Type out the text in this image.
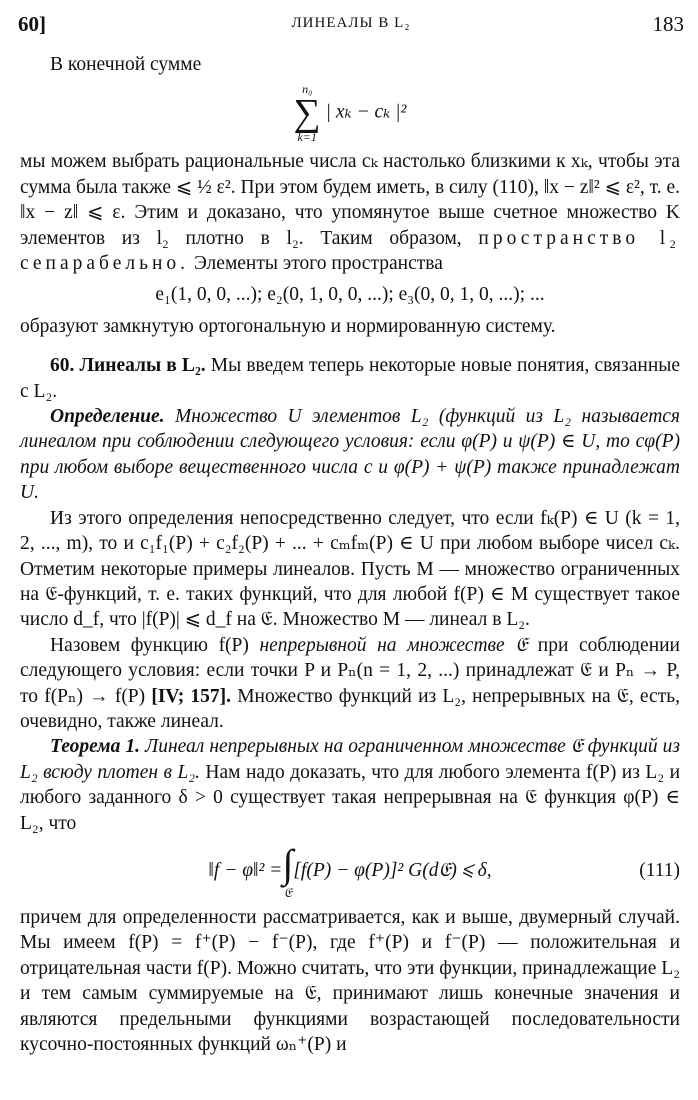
60]	ЛИНЕАЛЫ В L₂	183

В конечной сумме

n₀
∑
k=1
| xₖ − cₖ |²

мы можем выбрать рациональные числа cₖ настолько близкими к xₖ, чтобы эта сумма была также ⩽ ½ ε². При этом будем иметь, в силу (110), ‖x − z‖² ⩽ ε², т. е. ‖x − z‖ ⩽ ε. Этим и доказано, что упомянутое выше счетное множество K элементов из l₂ плотно в l₂. Таким образом, пространство l₂ сепарабельно. Элементы этого пространства

e₁(1, 0, 0, ...); e₂(0, 1, 0, 0, ...); e₃(0, 0, 1, 0, ...); ...

образуют замкнутую ортогональную и нормированную систему.

60. Линеалы в L₂. Мы введем теперь некоторые новые понятия, связанные с L₂.

Определение. Множество U элементов L₂ (функций из L₂ называется линеалом при соблюдении следующего условия: если φ(P) и ψ(P) ∈ U, то cφ(P) при любом выборе вещественного числа c и φ(P) + ψ(P) также принадлежат U.

Из этого определения непосредственно следует, что если fₖ(P) ∈ U (k = 1, 2, ..., m), то и c₁f₁(P) + c₂f₂(P) + ... + cₘfₘ(P) ∈ U при любом выборе чисел cₖ. Отметим некоторые примеры линеалов. Пусть M — множество ограниченных на 𝔈-функций, т. е. таких функций, что для любой f(P) ∈ M существует такое число d_f, что |f(P)| ⩽ d_f на 𝔈. Множество M — линеал в L₂.

Назовем функцию f(P) непрерывной на множестве 𝔈 при соблюдении следующего условия: если точки P и Pₙ(n = 1, 2, ...) принадлежат 𝔈 и Pₙ → P, то f(Pₙ) → f(P) [IV; 157]. Множество функций из L₂, непрерывных на 𝔈, есть, очевидно, также линеал.

Теорема 1. Линеал непрерывных на ограниченном множестве 𝔈 функций из L₂ всюду плотен в L₂. Нам надо доказать, что для любого элемента f(P) из L₂ и любого заданного δ > 0 существует такая непрерывная на 𝔈 функция φ(P) ∈ L₂, что

‖f − φ‖² = ∫
𝔈
[f(P) − φ(P)]² G(d𝔈) ⩽ δ,	(111)

причем для определенности рассматривается, как и выше, двумерный случай. Мы имеем f(P) = f⁺(P) − f⁻(P), где f⁺(P) и f⁻(P) — положительная и отрицательная части f(P). Можно считать, что эти функции, принадлежащие L₂ и тем самым суммируемые на 𝔈, принимают лишь конечные значения и являются предельными функциями возрастающей последовательности кусочно-постоянных функций ωₙ⁺(P) и
